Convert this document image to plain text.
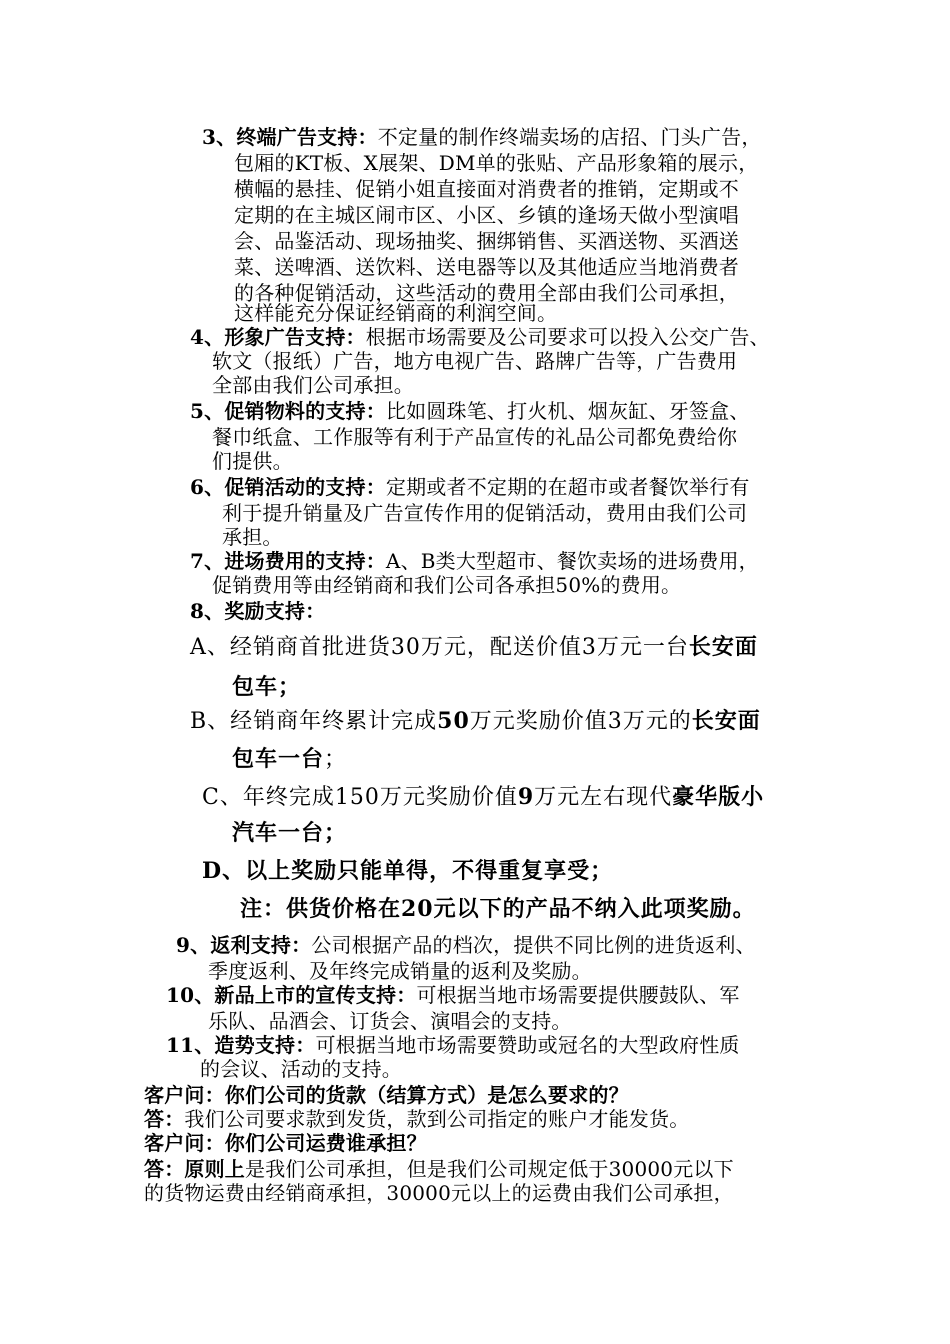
3、终端广告支持：不定量的制作终端卖场的店招、门头广告，
包厢的KT板、X展架、DM单的张贴、产品形象箱的展示，
横幅的悬挂、促销小姐直接面对消费者的推销，定期或不
定期的在主城区闹市区、小区、乡镇的逢场天做小型演唱
会、品鉴活动、现场抽奖、捆绑销售、买酒送物、买酒送
菜、送啤酒、送饮料、送电器等以及其他适应当地消费者
的各种促销活动，这些活动的费用全部由我们公司承担，
这样能充分保证经销商的利润空间。
4、形象广告支持：根据市场需要及公司要求可以投入公交广告、
软文（报纸）广告，地方电视广告、路牌广告等，广告费用
全部由我们公司承担。
5、促销物料的支持：比如圆珠笔、打火机、烟灰缸、牙签盒、
餐巾纸盒、工作服等有利于产品宣传的礼品公司都免费给你
们提供。
6、促销活动的支持：定期或者不定期的在超市或者餐饮举行有
利于提升销量及广告宣传作用的促销活动，费用由我们公司
承担。
7、进场费用的支持：A、B类大型超市、餐饮卖场的进场费用，
促销费用等由经销商和我们公司各承担50%的费用。
8、奖励支持：
A、经销商首批进货30万元，配送价值3万元一台长安面
包车；
B、经销商年终累计完成50万元奖励价值3万元的长安面
包车一台；
C、年终完成150万元奖励价值9万元左右现代豪华版小
汽车一台；
D、以上奖励只能单得，不得重复享受；
注：供货价格在20元以下的产品不纳入此项奖励。
9、返利支持：公司根据产品的档次，提供不同比例的进货返利、
季度返利、及年终完成销量的返利及奖励。
10、新品上市的宣传支持：可根据当地市场需要提供腰鼓队、军
乐队、品酒会、订货会、演唱会的支持。
11、造势支持：可根据当地市场需要赞助或冠名的大型政府性质
的会议、活动的支持。
客户问：你们公司的货款（结算方式）是怎么要求的？
答：我们公司要求款到发货，款到公司指定的账户才能发货。
客户问：你们公司运费谁承担？
答：原则上是我们公司承担，但是我们公司规定低于30000元以下
的货物运费由经销商承担，30000元以上的运费由我们公司承担，
